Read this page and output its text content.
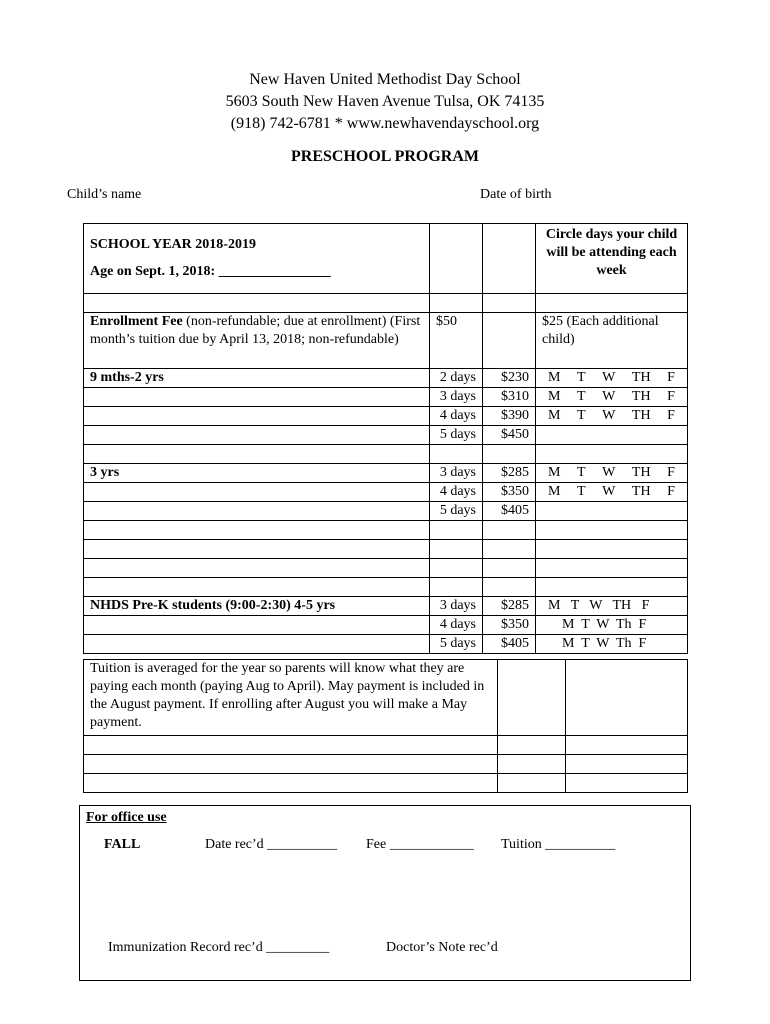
New Haven United Methodist Day School
5603 South New Haven Avenue Tulsa, OK 74135
(918) 742-6781 * www.newhavendayschool.org
PRESCHOOL PROGRAM
Child’s name	Date of birth
SCHOOL YEAR 2018-2019
Age on Sept. 1, 2018: ________________			Circle days your child will be attending each week

Enrollment Fee (non-refundable; due at enrollment) (First month’s tuition due by April 13, 2018; non-refundable)	$50		$25 (Each additional child)
9 mths-2 yrs	2 days	$230	M T W TH F

	3 days	$310	M T W TH F

	4 days	$390	M T W TH F

	5 days	$450	

3 yrs	3 days	$285	M T W TH F

	4 days	$350	M T W TH F

	5 days	$405	

NHDS Pre-K students (9:00-2:30) 4-5 yrs	3 days	$285	M   T   W   TH   F
	4 days	$350	M  T  W  Th  F
	5 days	$405	M  T  W  Th  F
Tuition is averaged for the year so parents will know what they are paying each month (paying Aug to April). May payment is included in the August payment. If enrolling after August you will make a May payment.		

For office use
FALL	Date rec’d __________ Fee ____________ Tuition __________
Immunization Record rec’d _________	Doctor’s Note rec’d
